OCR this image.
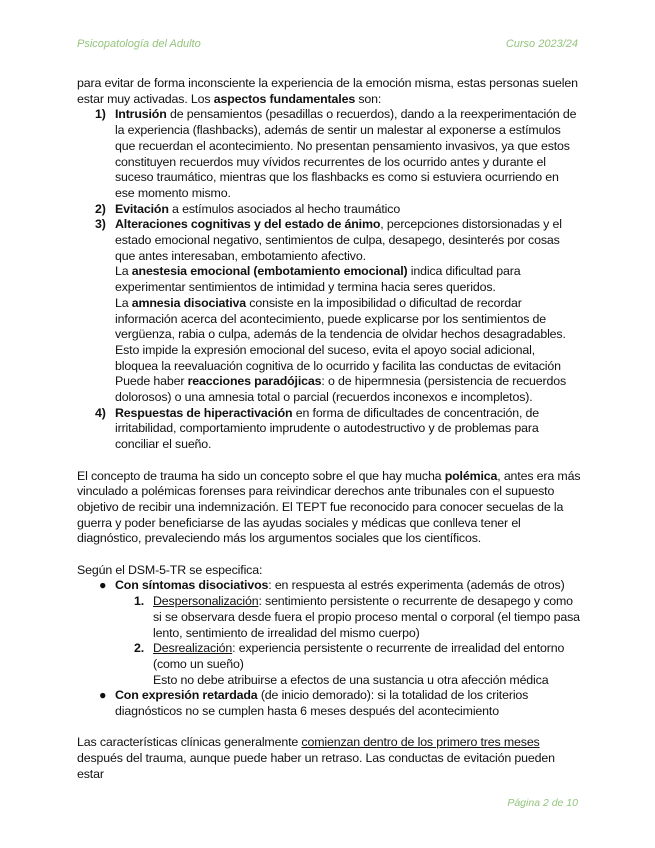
Psicopatología del Adulto	Curso 2023/24
para evitar de forma inconsciente la experiencia de la emoción misma, estas personas suelen estar muy activadas. Los aspectos fundamentales son:
1) Intrusión de pensamientos (pesadillas o recuerdos), dando a la reexperimentación de la experiencia (flashbacks), además de sentir un malestar al exponerse a estímulos que recuerdan el acontecimiento. No presentan pensamiento invasivos, ya que estos constituyen recuerdos muy vívidos recurrentes de los ocurrido antes y durante el suceso traumático, mientras que los flashbacks es como si estuviera ocurriendo en ese momento mismo.
2) Evitación a estímulos asociados al hecho traumático
3) Alteraciones cognitivas y del estado de ánimo, percepciones distorsionadas y el estado emocional negativo, sentimientos de culpa, desapego, desinterés por cosas que antes interesaban, embotamiento afectivo.
La anestesia emocional (embotamiento emocional) indica dificultad para experimentar sentimientos de intimidad y termina hacia seres queridos.
La amnesia disociativa consiste en la imposibilidad o dificultad de recordar información acerca del acontecimiento, puede explicarse por los sentimientos de vergüenza, rabia o culpa, además de la tendencia de olvidar hechos desagradables. Esto impide la expresión emocional del suceso, evita el apoyo social adicional, bloquea la reevaluación cognitiva de lo ocurrido y facilita las conductas de evitación
Puede haber reacciones paradójicas: o de hipermnesia (persistencia de recuerdos dolorosos) o una amnesia total o parcial (recuerdos inconexos e incompletos).
4) Respuestas de hiperactivación en forma de dificultades de concentración, de irritabilidad, comportamiento imprudente o autodestructivo y de problemas para conciliar el sueño.
El concepto de trauma ha sido un concepto sobre el que hay mucha polémica, antes era más vinculado a polémicas forenses para reivindicar derechos ante tribunales con el supuesto objetivo de recibir una indemnización. El TEPT fue reconocido para conocer secuelas de la guerra y poder beneficiarse de las ayudas sociales y médicas que conlleva tener el diagnóstico, prevaleciendo más los argumentos sociales que los científicos.
Según el DSM-5-TR se especifica:
● Con síntomas disociativos: en respuesta al estrés experimenta (además de otros)
1. Despersonalización: sentimiento persistente o recurrente de desapego y como si se observara desde fuera el propio proceso mental o corporal (el tiempo pasa lento, sentimiento de irrealidad del mismo cuerpo)
2. Desrealización: experiencia persistente o recurrente de irrealidad del entorno (como un sueño)
Esto no debe atribuirse a efectos de una sustancia u otra afección médica
● Con expresión retardada (de inicio demorado): si la totalidad de los criterios diagnósticos no se cumplen hasta 6 meses después del acontecimiento
Las características clínicas generalmente comienzan dentro de los primero tres meses después del trauma, aunque puede haber un retraso. Las conductas de evitación pueden estar
Página 2 de 10
